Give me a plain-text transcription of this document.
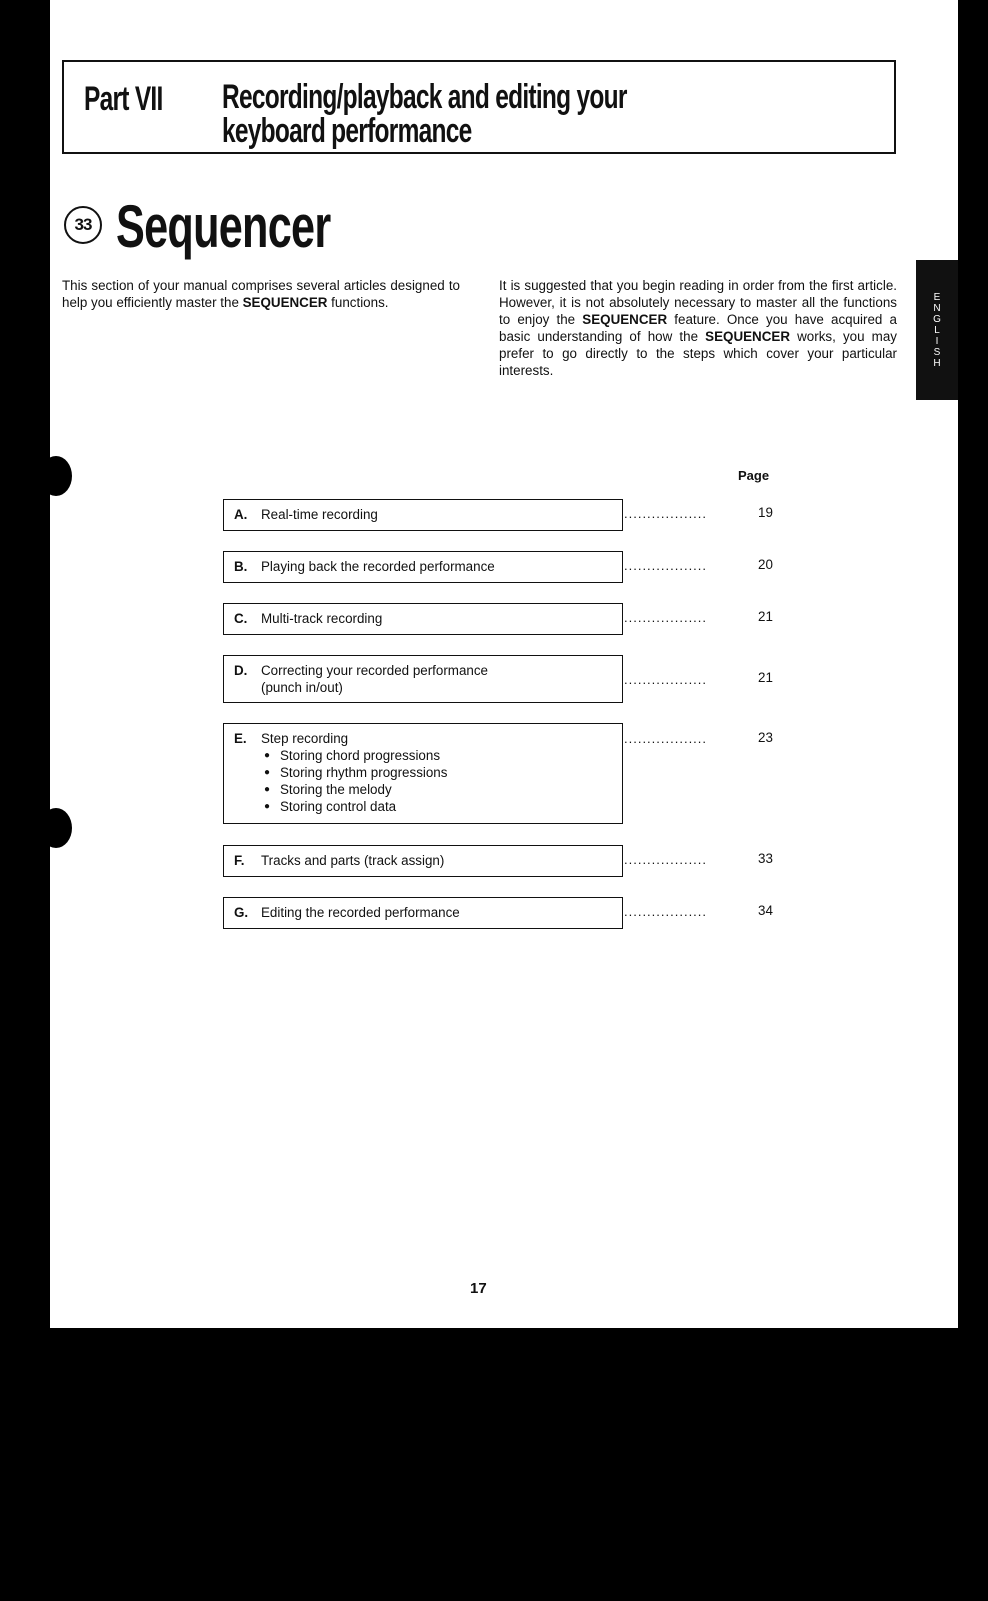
E
N
G
L
I
S
H
Part VII Recording/playback and editing your
keyboard performance
33 Sequencer
This section of your manual comprises several articles designed to help you efficiently master the SEQUENCER functions.
It is suggested that you begin reading in order from the first article. However, it is not absolutely necessary to master all the functions to enjoy the SEQUENCER feature. Once you have acquired a basic understanding of how the SEQUENCER works, you may prefer to go directly to the steps which cover your particular interests.
Page
A. Real-time recording	..................	19
B. Playing back the recorded performance	..................	20
C. Multi-track recording	..................	21
D. Correcting your recorded performance
(punch in/out)
..................	21
E. Step recording
● Storing chord progressions
● Storing rhythm progressions
● Storing the melody
● Storing control data
..................	23
F. Tracks and parts (track assign)	..................	33
G. Editing the recorded performance	..................	34
17
